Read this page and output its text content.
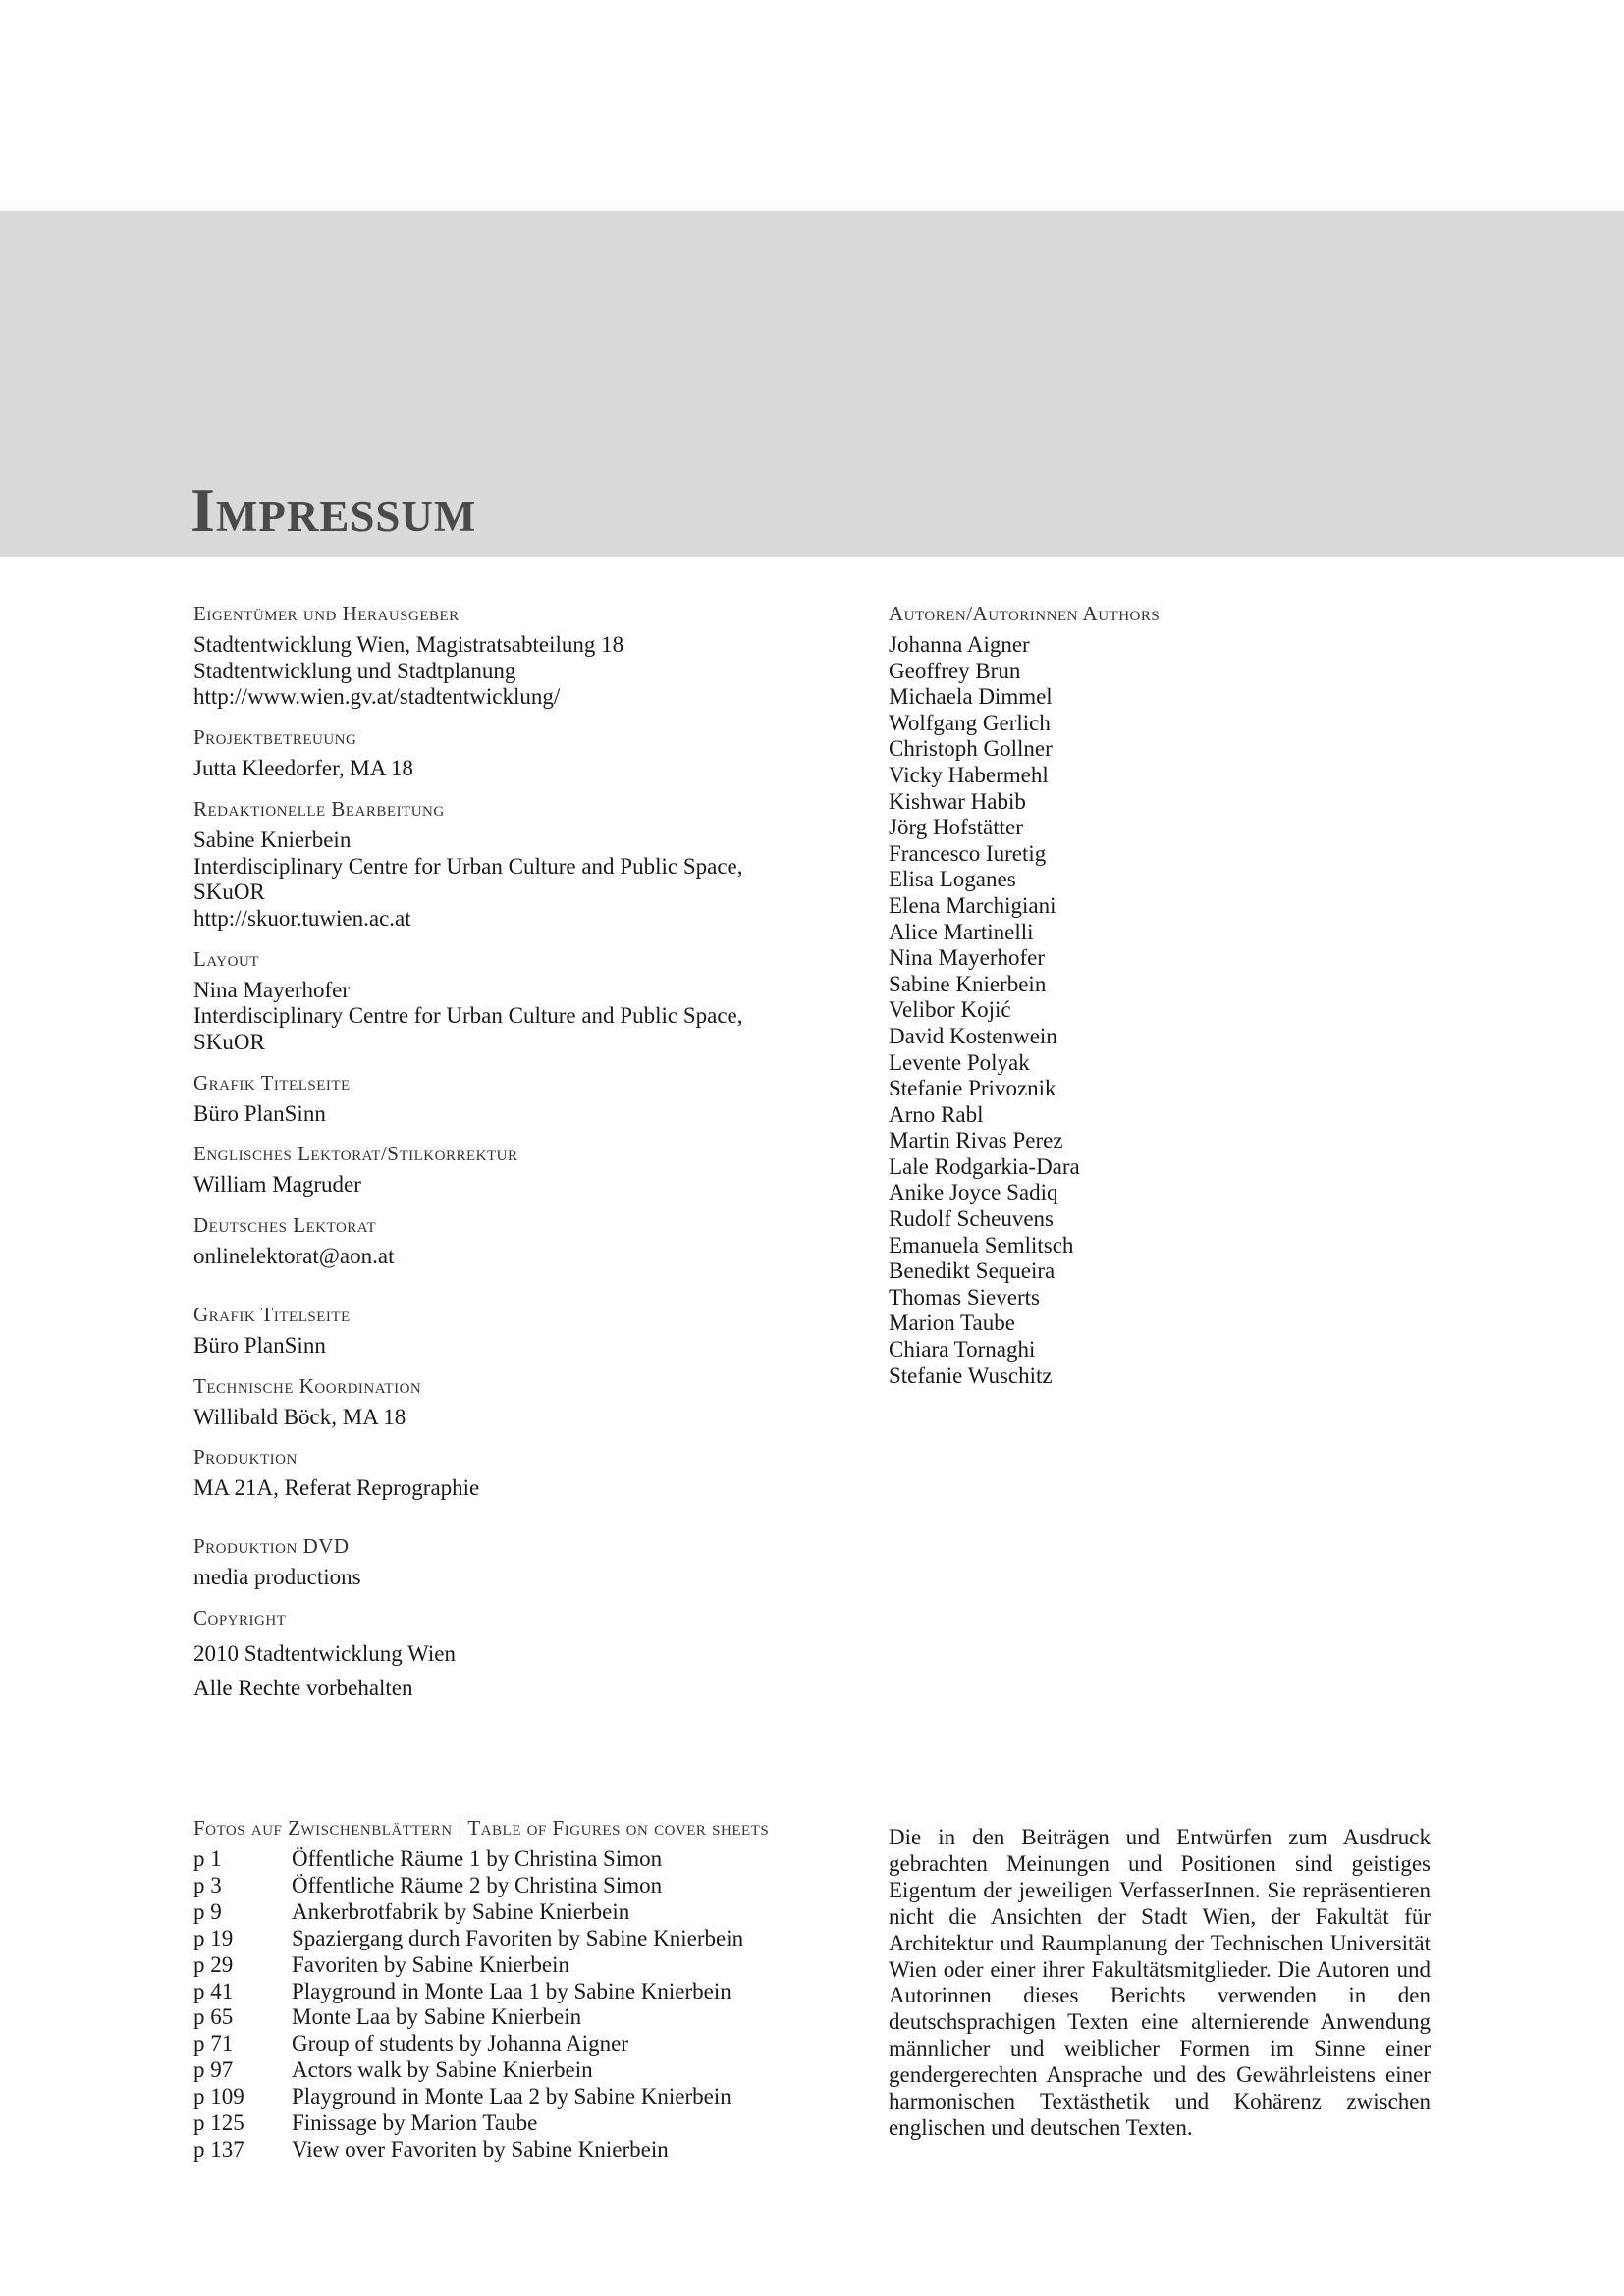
Impressum
Eigentümer und Herausgeber

Stadtentwicklung Wien, Magistratsabteilung 18

Stadtentwicklung und Stadtplanung

http://www.wien.gv.at/stadtentwicklung/

Projektbetreuung

Jutta Kleedorfer, MA 18

Redaktionelle Bearbeitung

Sabine Knierbein

Interdisciplinary Centre for Urban Culture and Public Space,

SKuOR

http://skuor.tuwien.ac.at

Layout

Nina Mayerhofer

Interdisciplinary Centre for Urban Culture and Public Space,

SKuOR

Grafik Titelseite

Büro PlanSinn

Englisches Lektorat/Stilkorrektur

William Magruder

Deutsches Lektorat

onlinelektorat@aon.at

Grafik Titelseite

Büro PlanSinn

Technische Koordination

Willibald Böck, MA 18

Produktion

MA 21A, Referat Reprographie

Produktion DVD

media productions

Copyright

2010 Stadtentwicklung Wien

Alle Rechte vorbehalten

Autoren/Autorinnen Authors

Johanna Aigner

Geoffrey Brun

Michaela Dimmel

Wolfgang Gerlich

Christoph Gollner

Vicky Habermehl

Kishwar Habib

Jörg Hofstätter

Francesco Iuretig

Elisa Loganes

Elena Marchigiani

Alice Martinelli

Nina Mayerhofer

Sabine Knierbein

Velibor Kojić

David Kostenwein

Levente Polyak

Stefanie Privoznik

Arno Rabl

Martin Rivas Perez

Lale Rodgarkia-Dara

Anike Joyce Sadiq

Rudolf Scheuvens

Emanuela Semlitsch

Benedikt Sequeira

Thomas Sieverts

Marion Taube

Chiara Tornaghi

Stefanie Wuschitz

Fotos auf Zwischenblättern | Table of Figures on cover sheets
p 1	Öffentliche Räume 1 by Christina Simon
p 3	Öffentliche Räume 2 by Christina Simon
p 9	Ankerbrotfabrik by Sabine Knierbein
p 19	Spaziergang durch Favoriten by Sabine Knierbein
p 29	Favoriten by Sabine Knierbein
p 41	Playground in Monte Laa 1 by Sabine Knierbein
p 65	Monte Laa by Sabine Knierbein
p 71	Group of students by Johanna Aigner
p 97	Actors walk by Sabine Knierbein
p 109	Playground in Monte Laa 2 by Sabine Knierbein
p 125	Finissage by Marion Taube
p 137	View over Favoriten by Sabine Knierbein

Die in den Beiträgen und Entwürfen zum Ausdruck gebrachten Meinungen und Positionen sind geistiges Eigentum der jeweiligen VerfasserInnen. Sie repräsentieren nicht die Ansichten der Stadt Wien, der Fakultät für Architektur und Raumplanung der Technischen Universität Wien oder einer ihrer Fakultätsmitglieder. Die Autoren und Autorinnen dieses Berichts verwenden in den deutschsprachigen Texten eine alternierende Anwendung männlicher und weiblicher Formen im Sinne einer gendergerechten Ansprache und des Gewährleistens einer harmonischen Textästhetik und Kohärenz zwischen englischen und deutschen Texten.
